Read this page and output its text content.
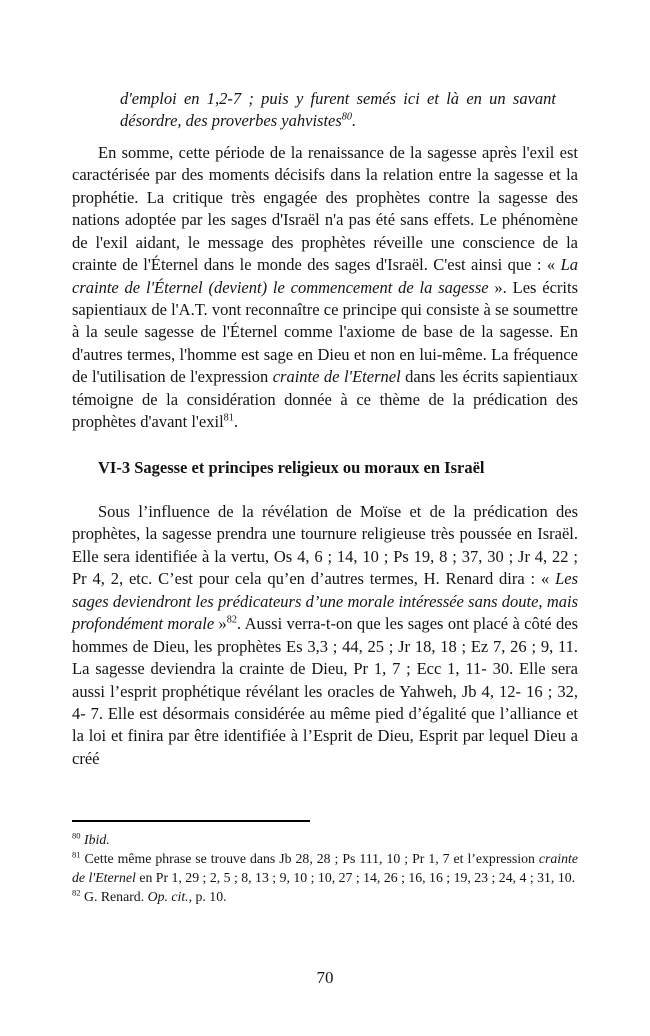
d'emploi en 1,2-7 ; puis y furent semés ici et là en un savant désordre, des proverbes yahvistes$^{80}$.

En somme, cette période de la renaissance de la sagesse après l'exil est caractérisée par des moments décisifs dans la relation entre la sagesse et la prophétie. La critique très engagée des prophètes contre la sagesse des nations adoptée par les sages d'Israël n'a pas été sans effets. Le phénomène de l'exil aidant, le message des prophètes réveille une conscience de la crainte de l'Éternel dans le monde des sages d'Israël. C'est ainsi que : « La crainte de l'Éternel (devient) le commencement de la sagesse ». Les écrits sapientiaux de l'A.T. vont reconnaître ce principe qui consiste à se soumettre à la seule sagesse de l'Éternel comme l'axiome de base de la sagesse. En d'autres termes, l'homme est sage en Dieu et non en lui-même. La fréquence de l'utilisation de l'expression crainte de l'Eternel dans les écrits sapientiaux témoigne de la considération donnée à ce thème de la prédication des prophètes d'avant l'exil$^{81}$.

VI-3 Sagesse et principes religieux ou moraux en Israël

Sous l’influence de la révélation de Moïse et de la prédication des prophètes, la sagesse prendra une tournure religieuse très poussée en Israël. Elle sera identifiée à la vertu, Os 4, 6 ; 14, 10 ; Ps 19, 8 ; 37, 30 ; Jr 4, 22 ; Pr 4, 2, etc. C’est pour cela qu’en d’autres termes, H. Renard dira : « Les sages deviendront les prédicateurs d’une morale intéressée sans doute, mais profondément morale »$^{82}$. Aussi verra-t-on que les sages ont placé à côté des hommes de Dieu, les prophètes Es 3,3 ; 44, 25 ; Jr 18, 18 ; Ez 7, 26 ; 9, 11. La sagesse deviendra la crainte de Dieu, Pr 1, 7 ; Ecc 1, 11- 30. Elle sera aussi l’esprit prophétique révélant les oracles de Yahweh, Jb 4, 12- 16 ; 32, 4- 7. Elle est désormais considérée au même pied d’égalité que l’alliance et la loi et finira par être identifiée à l’Esprit de Dieu, Esprit par lequel Dieu a créé

$^{80}$ Ibid.

$^{81}$ Cette même phrase se trouve dans Jb 28, 28 ; Ps 111, 10 ; Pr 1, 7 et l’expression crainte de l'Eternel en Pr 1, 29 ; 2, 5 ; 8, 13 ; 9, 10 ; 10, 27 ; 14, 26 ; 16, 16 ; 19, 23 ; 24, 4 ; 31, 10.

$^{82}$ G. Renard. Op. cit., p. 10.

70
